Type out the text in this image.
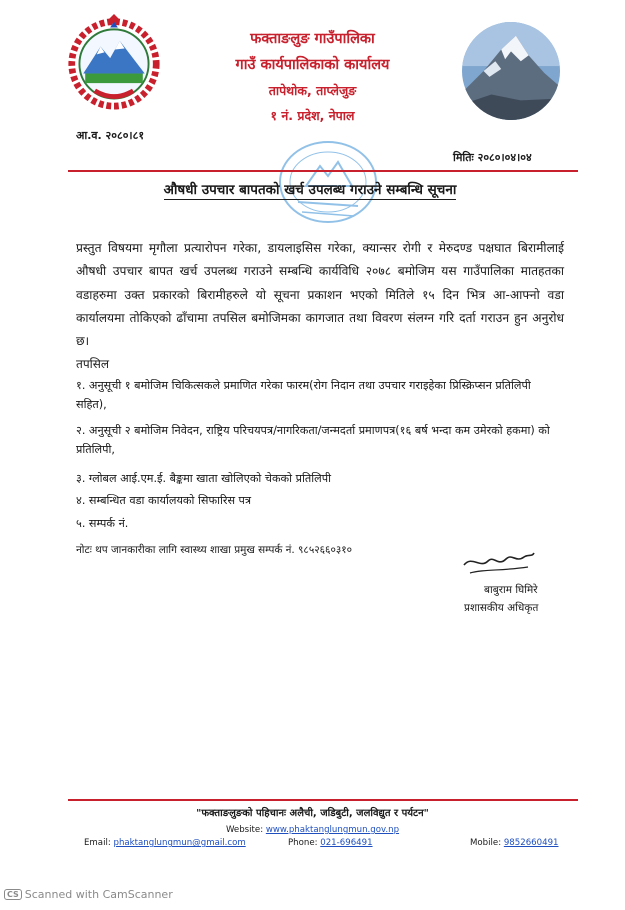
फक्ताङलुङ गाउँपालिका
गाउँ कार्यपालिकाको कार्यालय
तापेथोक, ताप्लेजुङ
१ नं. प्रदेश, नेपाल
आ.व. २०८०।८१
मितिः २०८०।०४।०४
औषधी उपचार बापतको खर्च उपलब्ध गराउने सम्बन्धि सूचना
प्रस्तुत विषयमा मृगौला प्रत्यारोपन गरेका, डायलाइसिस गरेका, क्यान्सर रोगी र मेरुदण्ड पक्षघात बिरामीलाई औषधी उपचार बापत खर्च उपलब्ध गराउने सम्बन्धि कार्यविधि २०७८ बमोजिम यस गाउँपालिका मातहतका वडाहरुमा उक्त प्रकारको बिरामीहरुले यो सूचना प्रकाशन भएको मितिले १५ दिन भित्र आ-आफ्नो वडा कार्यालयमा तोकिएको ढाँचामा तपसिल बमोजिमका कागजात तथा विवरण संलग्न गरि दर्ता गराउन हुन अनुरोध छ।
तपसिल
१. अनुसूची १ बमोजिम चिकित्सकले प्रमाणित गरेका फारम(रोग निदान तथा उपचार गराइहेका प्रिस्क्रिप्सन प्रतिलिपी सहित),
२. अनुसूची २ बमोजिम निवेदन, राष्ट्रिय परिचयपत्र/नागरिकता/जन्मदर्ता प्रमाणपत्र(१६ बर्ष भन्दा कम उमेरको हकमा) को प्रतिलिपी,
३. ग्लोबल आई.एम.ई. बैङ्कमा खाता खोलिएको चेकको प्रतिलिपी
४. सम्बन्धित वडा कार्यालयको सिफारिस पत्र
५. सम्पर्क नं.
नोटः थप जानकारीका लागि स्वास्थ्य शाखा प्रमुख सम्पर्क नं. ९८५२६६०३१०
बाबुराम घिमिरे
प्रशासकीय अधिकृत
"फक्ताङलुङको पहिचानः अलैची, जडिबुटी, जलविद्युत र पर्यटन"
Website: www.phaktanglungmun.gov.np
Email: phaktanglungmun@gmail.com	Phone: 021-696491	Mobile: 9852660491
CS Scanned with CamScanner
